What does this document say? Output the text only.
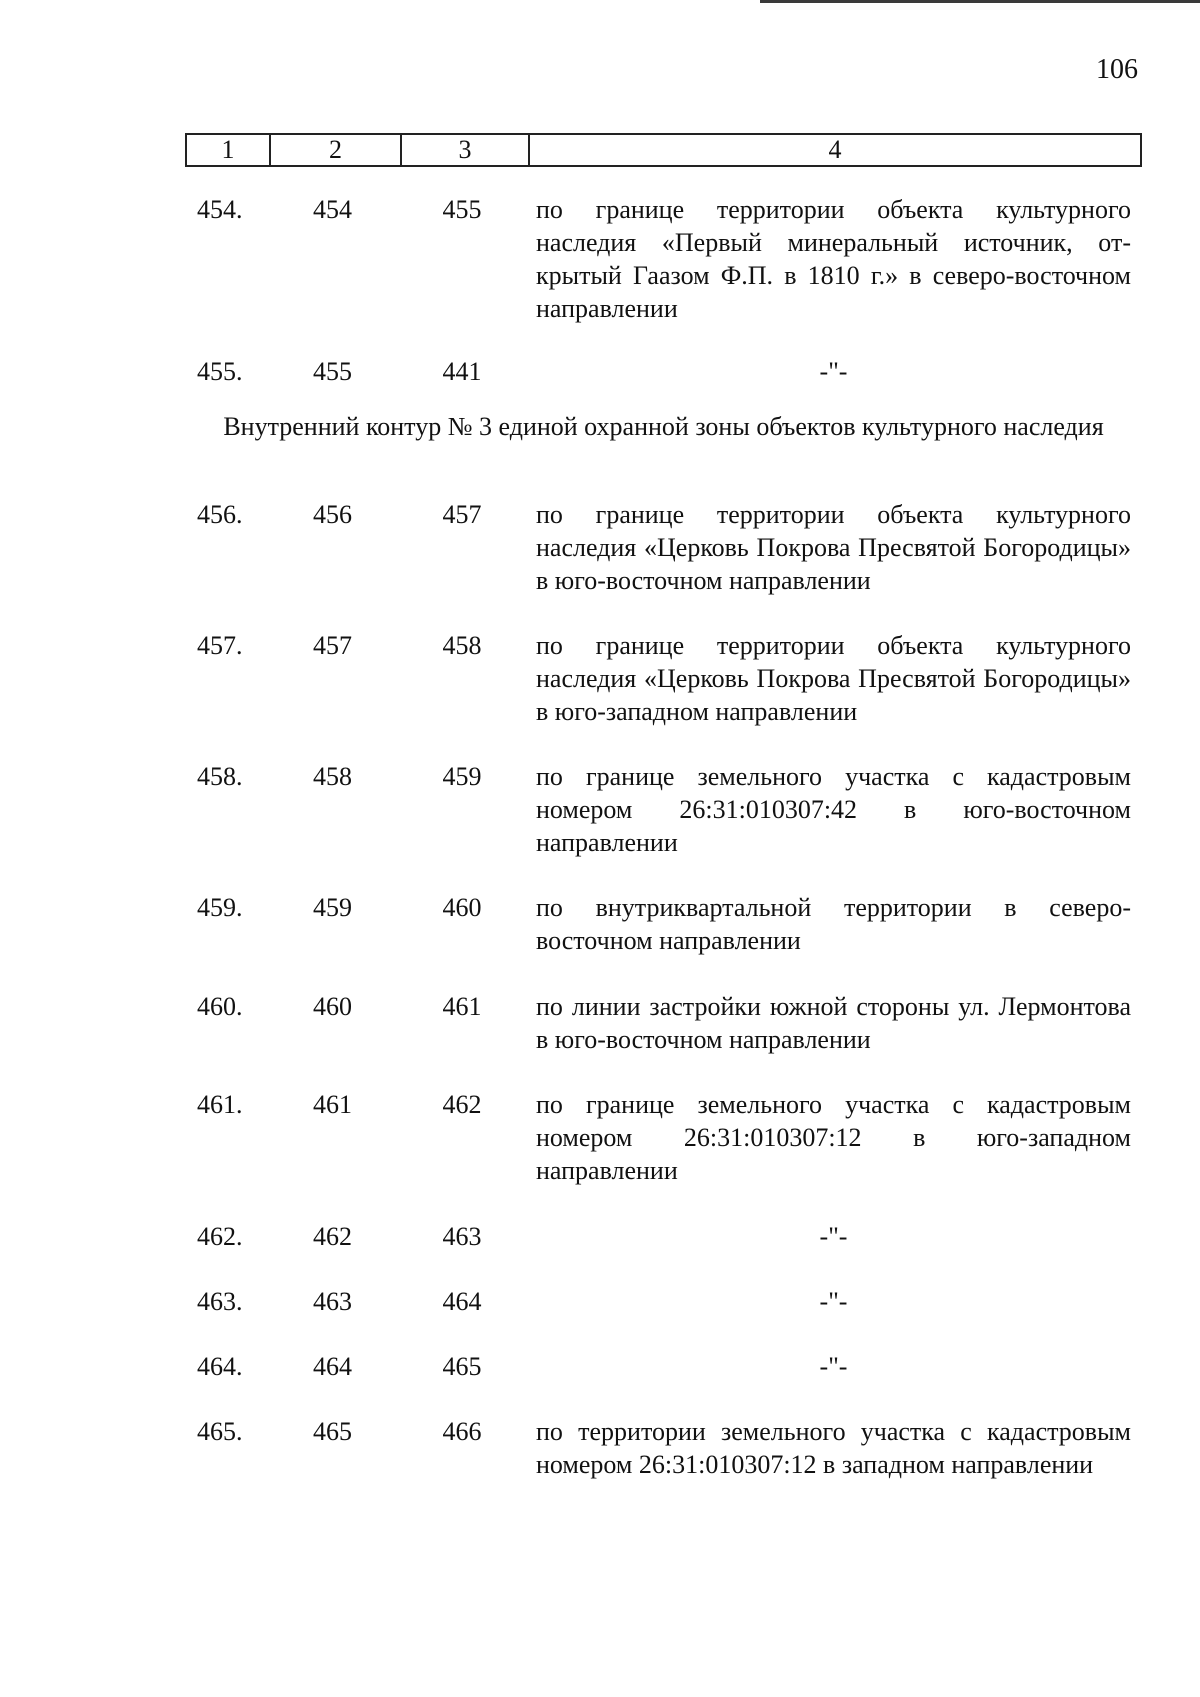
106
1	2	3	4
Внутренний контур № 3 единой охранной зоны объектов культурного наследия
454.	454	455	по границе территории объекта культурного наследия «Первый минеральный источник, открытый Гаазом Ф.П. в 1810 г.» в северо-восточном направлении
455.	455	441	-"-
456.	456	457	по границе территории объекта культурного наследия «Церковь Покрова Пресвятой Богородицы» в юго-восточном направлении
457.	457	458	по границе территории объекта культурного наследия «Церковь Покрова Пресвятой Богородицы» в юго-западном направлении
458.	458	459	по границе земельного участка с кадастровым номером 26:31:010307:42 в юго-восточном направлении
459.	459	460	по внутриквартальной территории в северо-восточном направлении
460.	460	461	по линии застройки южной стороны ул. Лермонтова в юго-восточном направлении
461.	461	462	по границе земельного участка с кадастровым номером 26:31:010307:12 в юго-западном направлении
462.	462	463	-"-
463.	463	464	-"-
464.	464	465	-"-
465.	465	466	по территории земельного участка с кадастровым номером 26:31:010307:12 в западном направлении
